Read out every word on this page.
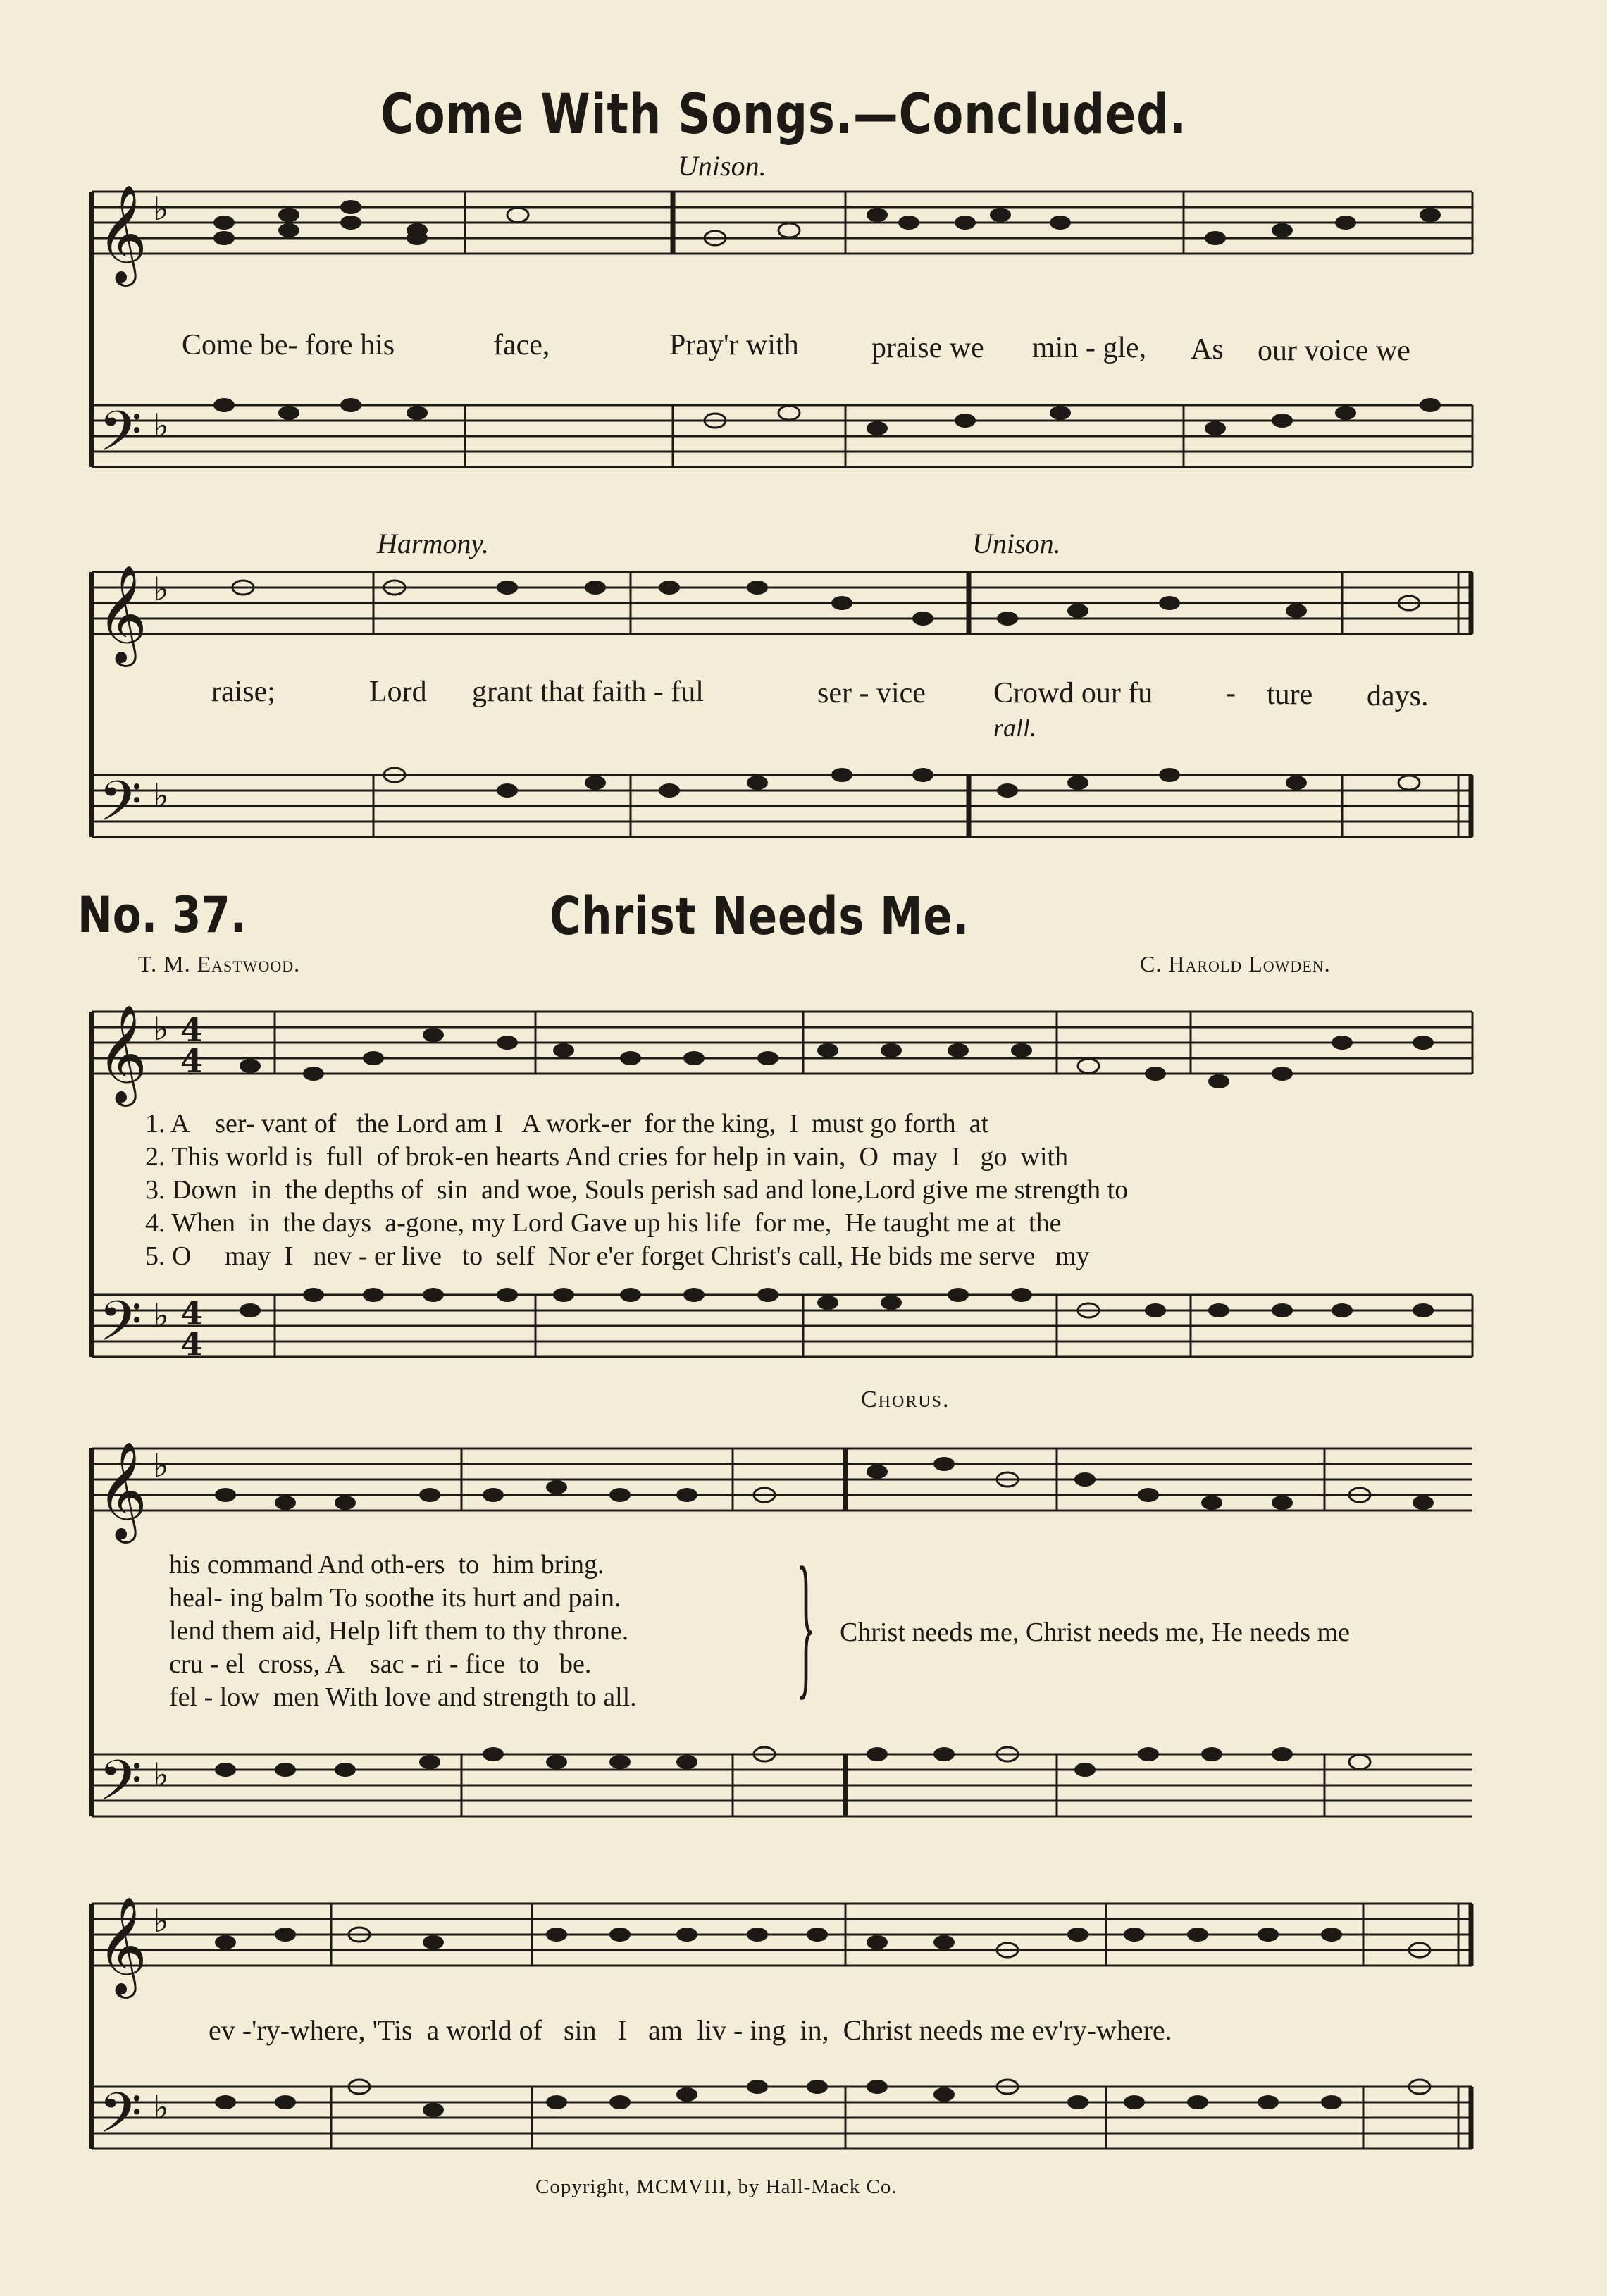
Come With Songs.—Concluded.
Unison.
𝄞
𝄢
𝄞
𝄢
♭
♭
♭
♭
Harmony.	Unison.
rall.
Come be- fore his	face,	Pray'r with praise we min - gle, As our voice we
raise;	Lord grant that faith - ful	ser - vice Crowd our fu - ture days.
No. 37.	Christ Needs Me.
T. M. Eastwood.	C. Harold Lowden.
𝄞
𝄢
𝄞
𝄢
𝄞
𝄢
♭
♭
♭
♭
♭
♭
4
4
4
4
1. A    ser- vant of   the Lord am I   A work-er  for the king,  I  must go forth  at
2. This world is  full  of brok-en hearts And cries for help in vain,  O  may  I   go  with
3. Down  in  the depths of  sin  and woe, Souls perish sad and lone,Lord give me strength to
4. When  in  the days  a-gone, my Lord Gave up his life  for me,  He taught me at  the
5. O     may  I   nev - er live   to  self  Nor e'er forget Christ's call, He bids me serve   my
Chorus.
his command And oth-ers  to  him bring.
heal- ing balm To soothe its hurt and pain.
lend them aid, Help lift them to thy throne.
cru - el  cross, A    sac - ri - fice  to   be.
fel - low  men With love and strength to all. } Christ needs me, Christ needs me, He needs me
ev -'ry-where, 'Tis  a world of   sin   I   am  liv - ing  in,  Christ needs me ev'ry-where.
Copyright, MCMVIII, by Hall-Mack Co.
